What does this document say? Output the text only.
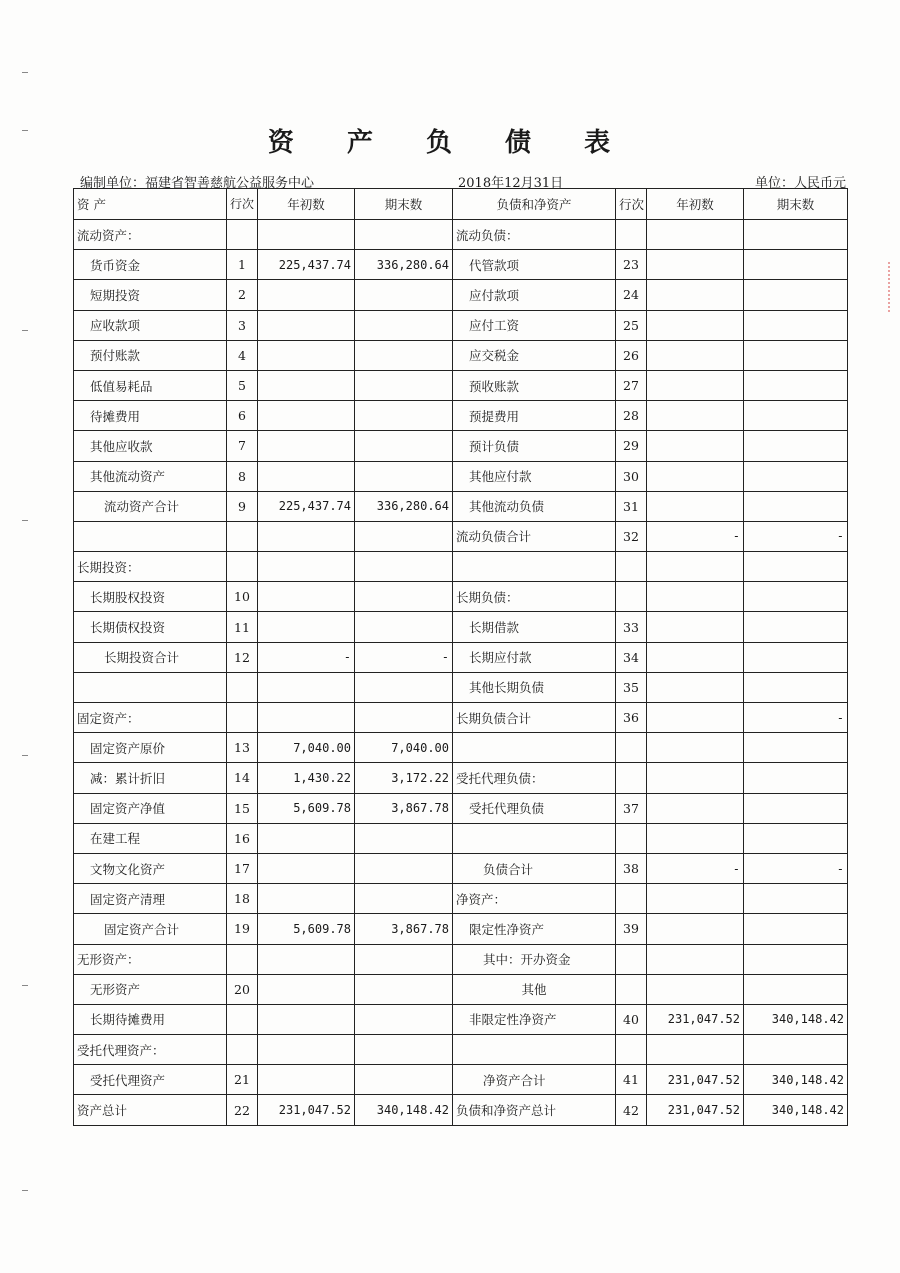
资 产 负 债 表
编制单位：福建省智善慈航公益服务中心	2018年12月31日	单位：人民币元
资 产	行次	年初数	期末数	负债和净资产	行次	年初数	期末数
流动资产：				流动负债：			
货币资金	1	225,437.74	336,280.64	代管款项	23		
短期投资	2			应付款项	24		
应收款项	3			应付工资	25		
预付账款	4			应交税金	26		
低值易耗品	5			预收账款	27		
待摊费用	6			预提费用	28		
其他应收款	7			预计负债	29		
其他流动资产	8			其他应付款	30		
流动资产合计	9	225,437.74	336,280.64	其他流动负债	31		
				流动负债合计	32	-	-
长期投资：							
长期股权投资	10			长期负债：			
长期债权投资	11			长期借款	33		
长期投资合计	12	-	-	长期应付款	34		
				其他长期负债	35		
固定资产：				长期负债合计	36		-
固定资产原价	13	7,040.00	7,040.00				
减：累计折旧	14	1,430.22	3,172.22	受托代理负债：			
固定资产净值	15	5,609.78	3,867.78	受托代理负债	37		
在建工程	16						
文物文化资产	17			负债合计	38	-	-
固定资产清理	18			净资产：			
固定资产合计	19	5,609.78	3,867.78	限定性净资产	39		
无形资产：				其中：开办资金			
无形资产	20			其他			
长期待摊费用				非限定性净资产	40	231,047.52	340,148.42
受托代理资产：							
受托代理资产	21			净资产合计	41	231,047.52	340,148.42
资产总计	22	231,047.52	340,148.42	负债和净资产总计	42	231,047.52	340,148.42
